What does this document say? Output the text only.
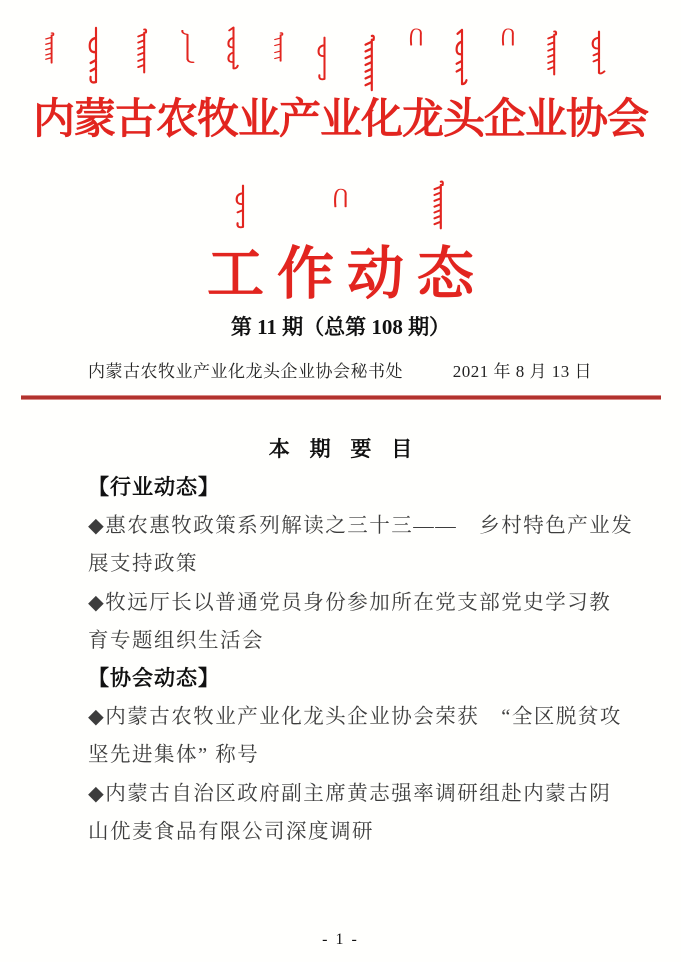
内蒙古农牧业产业化龙头企业协会
工作动态
第 11 期（总第 108 期）
内蒙古农牧业产业化龙头企业协会秘书处	2021 年 8 月 13 日
本 期 要 目

【行业动态】

◆惠农惠牧政策系列解读之三十三——　乡村特色产业发

展支持政策

◆牧远厅长以普通党员身份参加所在党支部党史学习教

育专题组织生活会

【协会动态】

◆内蒙古农牧业产业化龙头企业协会荣获　“全区脱贫攻

坚先进集体” 称号

◆内蒙古自治区政府副主席黄志强率调研组赴内蒙古阴

山优麦食品有限公司深度调研

- 1 -
